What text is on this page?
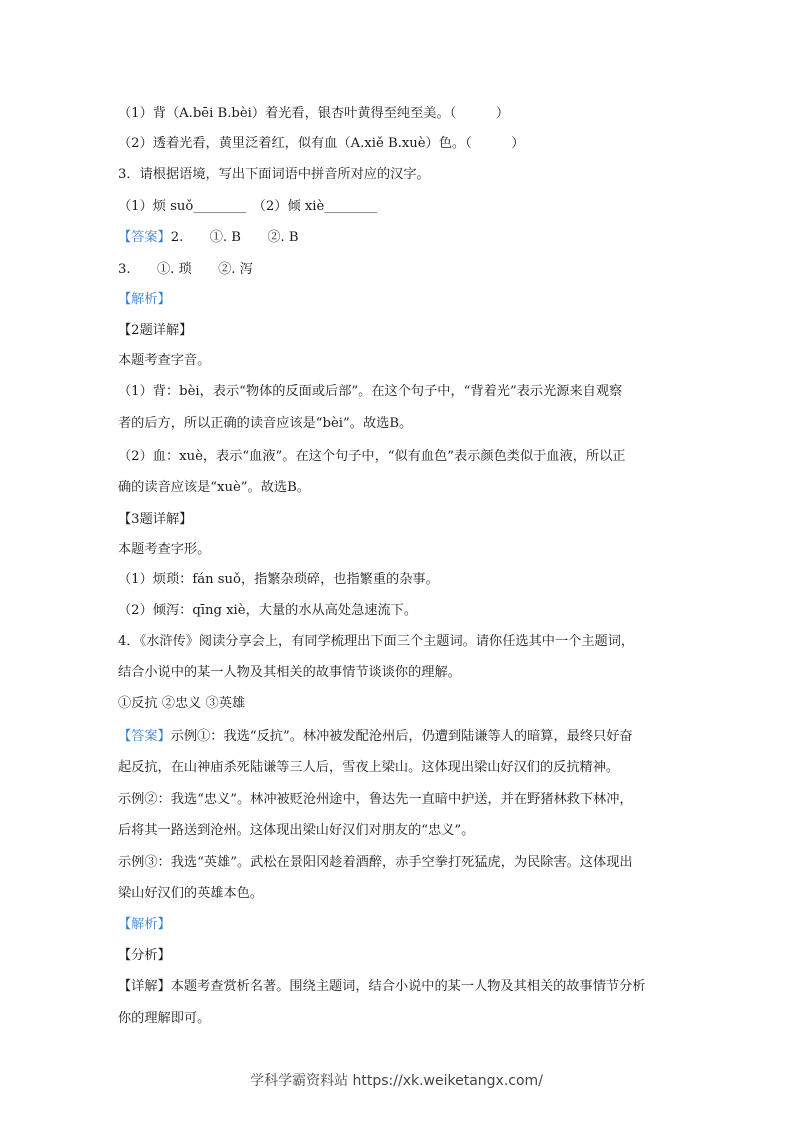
（1）背（A.bēi B.bèi）着光看，银杏叶黄得至纯至美。（　　　）
（2）透着光看，黄里泛着红，似有血（A.xiě B.xuè）色。（　　　）
3．请根据语境，写出下面词语中拼音所对应的汉字。
（1）烦 suǒ________　（2）倾 xiè________
【答案】2.　　①. B　　②. B
3.　　①. 琐　　②. 泻
【解析】
【2题详解】
本题考查字音。
（1）背：bèi，表示“物体的反面或后部”。在这个句子中，“背着光”表示光源来自观察
者的后方，所以正确的读音应该是“bèi”。故选B。
（2）血：xuè，表示“血液”。在这个句子中，“似有血色”表示颜色类似于血液，所以正
确的读音应该是“xuè”。故选B。
【3题详解】
本题考查字形。
（1）烦琐：fán suǒ，指繁杂琐碎，也指繁重的杂事。
（2）倾泻：qīng xiè，大量的水从高处急速流下。
4．《水浒传》阅读分享会上，有同学梳理出下面三个主题词。请你任选其中一个主题词，
结合小说中的某一人物及其相关的故事情节谈谈你的理解。
①反抗 ②忠义 ③英雄
【答案】示例①：我选“反抗”。林冲被发配沧州后，仍遭到陆谦等人的暗算，最终只好奋
起反抗，在山神庙杀死陆谦等三人后，雪夜上梁山。这体现出梁山好汉们的反抗精神。
示例②：我选“忠义”。林冲被贬沧州途中，鲁达先一直暗中护送，并在野猪林救下林冲，
后将其一路送到沧州。这体现出梁山好汉们对朋友的“忠义”。
示例③：我选“英雄”。武松在景阳冈趁着酒醉，赤手空拳打死猛虎，为民除害。这体现出
梁山好汉们的英雄本色。
【解析】
【分析】
【详解】本题考查赏析名著。围绕主题词，结合小说中的某一人物及其相关的故事情节分析
你的理解即可。
学科学霸资料站 https://xk.weiketangx.com/
